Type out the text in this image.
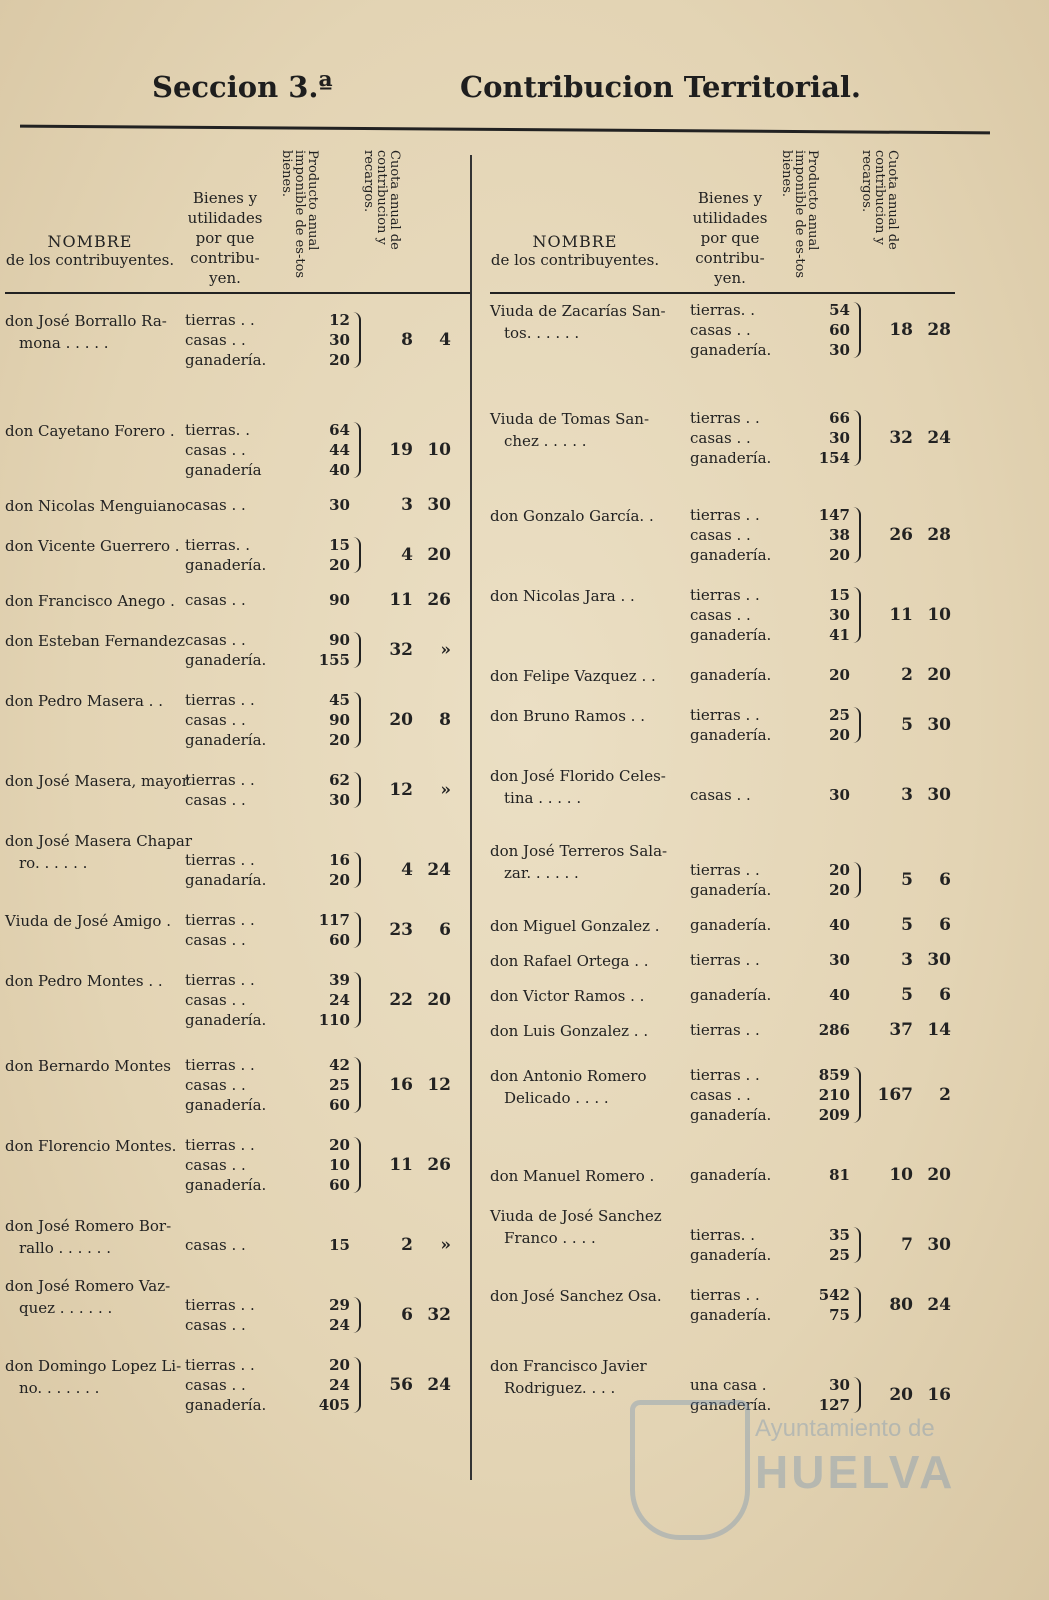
Seccion 3.ª	Contribucion Territorial.
NOMBRE
de los contribuyentes.
Bienes y utilidades por que contribu-yen.
Producto anual imponible de es-tos bienes.	Cuota anual de contribucion y recargos.
don José Borrallo Ra-
mona . . . . .
tierras . .	12
casas . .	30
ganadería.	20
8 4
don Cayetano Forero . tierras. .	64
casas . .	44
ganadería	40
19 10
don Nicolas Menguiano casas . .	30	3 30
don Vicente Guerrero . tierras. .	15
ganadería.	20	4 20
don Francisco Anego . casas . .	90	11 26
don Esteban Fernandez casas . .	90
ganadería.	155	32 »
don Pedro Masera . .	tierras . .	45
casas . .	90
ganadería.	20
20 8
don José Masera, mayor
tierras . .	62
casas . .	30	12 »
don José Masera Chapar
ro. . . . . .	tierras . .	16
ganadaría.	20	4 24
Viuda de José Amigo . tierras . .	117
casas . .	60	23 6
don Pedro Montes . .	tierras . .	39
casas . .	24
ganadería.	110
22 20
don Bernardo Montes tierras . .	42
casas . .	25
ganadería.	60
16 12
don Florencio Montes. tierras . .	20
casas . .	10
ganadería.	60
11 26
don José Romero Bor-
rallo . . . . . .	casas . .	15	2 »
don José Romero Vaz-
quez . . . . . .	tierras . .	29
casas . .	24	6 32
don Domingo Lopez Li-
no. . . . . . .
tierras . .	20
casas . .	24
ganadería.	405
56 24
NOMBRE
de los contribuyentes.
Bienes y utilidades por que contribu-yen.
Producto anual imponible de es-tos bienes.	Cuota anual de contribucion y recargos.
Viuda de Zacarías San-
tos. . . . . .
tierras. .	54
casas . .	60
ganadería.	30
18 28
Viuda de Tomas San-
chez . . . . .
tierras . .	66
casas . .	30
ganadería.	154
32 24
don Gonzalo García. .	tierras . .	147
casas . .	38
ganadería.	20
26 28
don Nicolas Jara . .	tierras . .	15
casas . .	30
ganadería.	41
11 10
don Felipe Vazquez . .	ganadería.	20	2 20
don Bruno Ramos . .	tierras . .	25
ganadería.	20	5 30
don José Florido Celes-
tina . . . . .	casas . .	30	3 30
don José Terreros Sala-
zar. . . . . .	tierras . .	20
ganadería.	20	5 6
don Miguel Gonzalez .	ganadería.	40	5 6
don Rafael Ortega . .	tierras . .	30	3 30
don Victor Ramos . .	ganadería.	40	5 6
don Luis Gonzalez . .	tierras . .	286	37 14
don Antonio Romero
Delicado . . . .
tierras . .	859
casas . .	210
ganadería.	209
167 2
don Manuel Romero .	ganadería.	81	10 20
Viuda de José Sanchez
Franco . . . .	tierras. .	35
ganadería.	25	7 30
don José Sanchez Osa.	tierras . .	542
ganadería.	75	80 24
don Francisco Javier
Rodriguez. . . .	una casa .	30
ganadería.	127	20 16
Ayuntamiento de
HUELVA
